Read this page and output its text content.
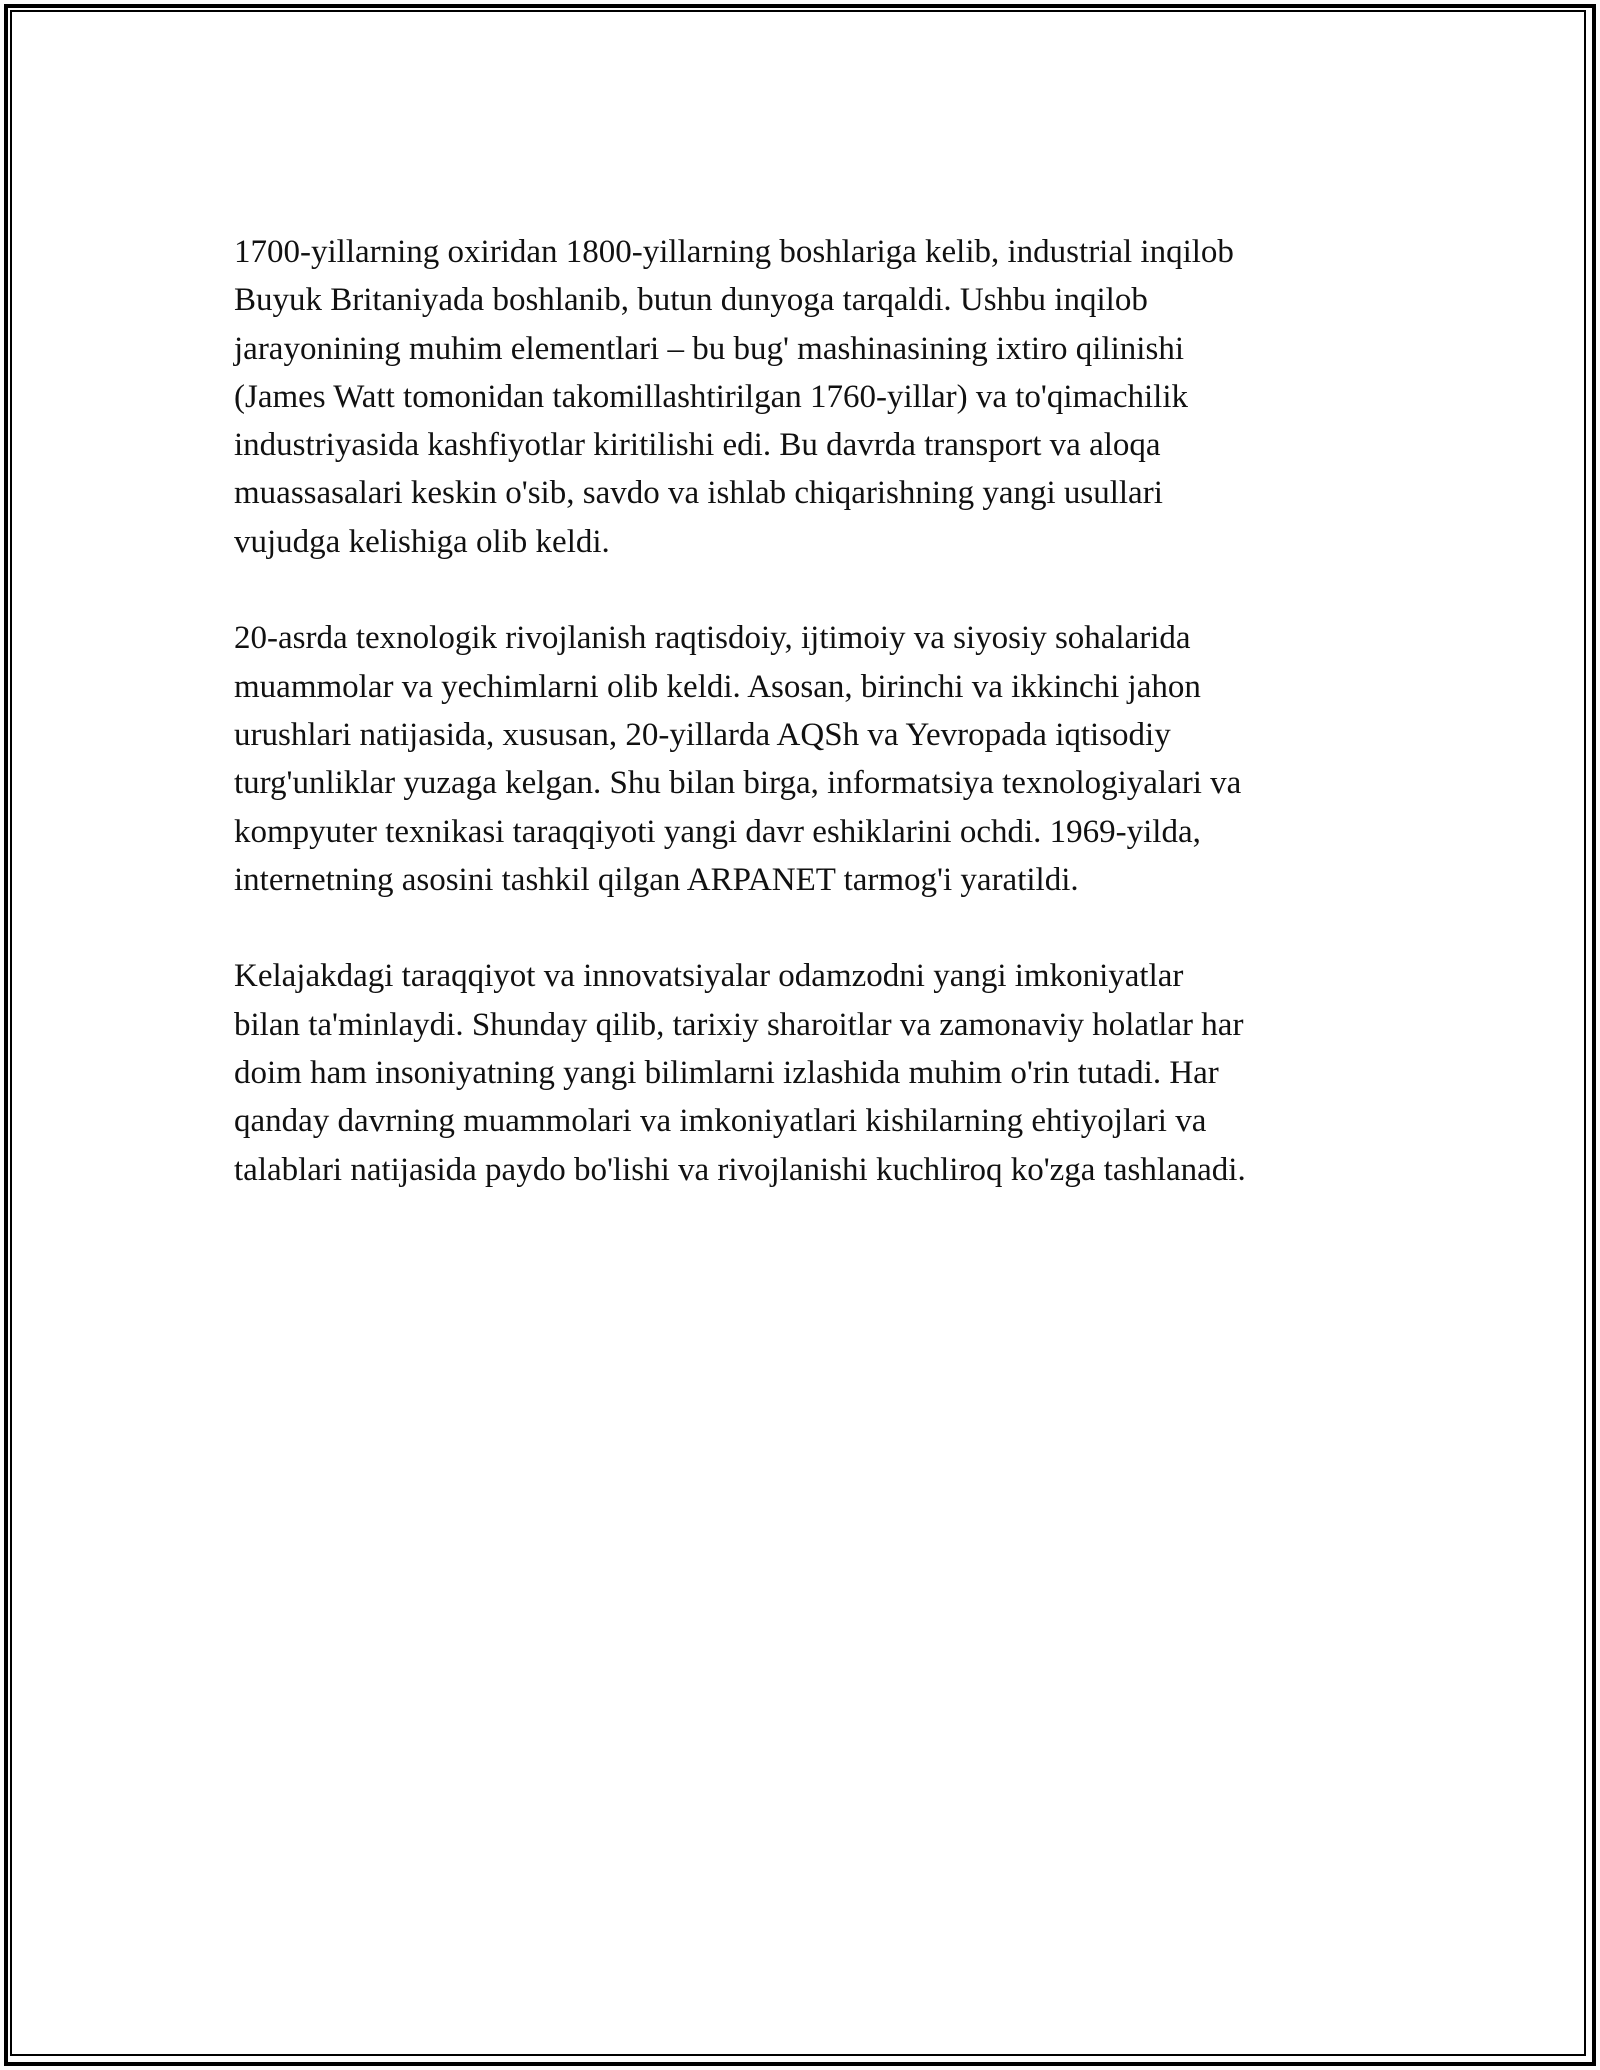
1700-yillarning oxiridan 1800-yillarning boshlariga kelib, industrial inqilob
Buyuk Britaniyada boshlanib, butun dunyoga tarqaldi. Ushbu inqilob
jarayonining muhim elementlari – bu bug' mashinasining ixtiro qilinishi
(James Watt tomonidan takomillashtirilgan 1760-yillar) va to'qimachilik
industriyasida kashfiyotlar kiritilishi edi. Bu davrda transport va aloqa
muassasalari keskin o'sib, savdo va ishlab chiqarishning yangi usullari
vujudga kelishiga olib keldi.

20-asrda texnologik rivojlanish raqtisdoiy, ijtimoiy va siyosiy sohalarida
muammolar va yechimlarni olib keldi. Asosan, birinchi va ikkinchi jahon
urushlari natijasida, xususan, 20-yillarda AQSh va Yevropada iqtisodiy
turg'unliklar yuzaga kelgan. Shu bilan birga, informatsiya texnologiyalari va
kompyuter texnikasi taraqqiyoti yangi davr eshiklarini ochdi. 1969-yilda,
internetning asosini tashkil qilgan ARPANET tarmog'i yaratildi.

Kelajakdagi taraqqiyot va innovatsiyalar odamzodni yangi imkoniyatlar
bilan ta'minlaydi. Shunday qilib, tarixiy sharoitlar va zamonaviy holatlar har
doim ham insoniyatning yangi bilimlarni izlashida muhim o'rin tutadi. Har
qanday davrning muammolari va imkoniyatlari kishilarning ehtiyojlari va
talablari natijasida paydo bo'lishi va rivojlanishi kuchliroq ko'zga tashlanadi.
